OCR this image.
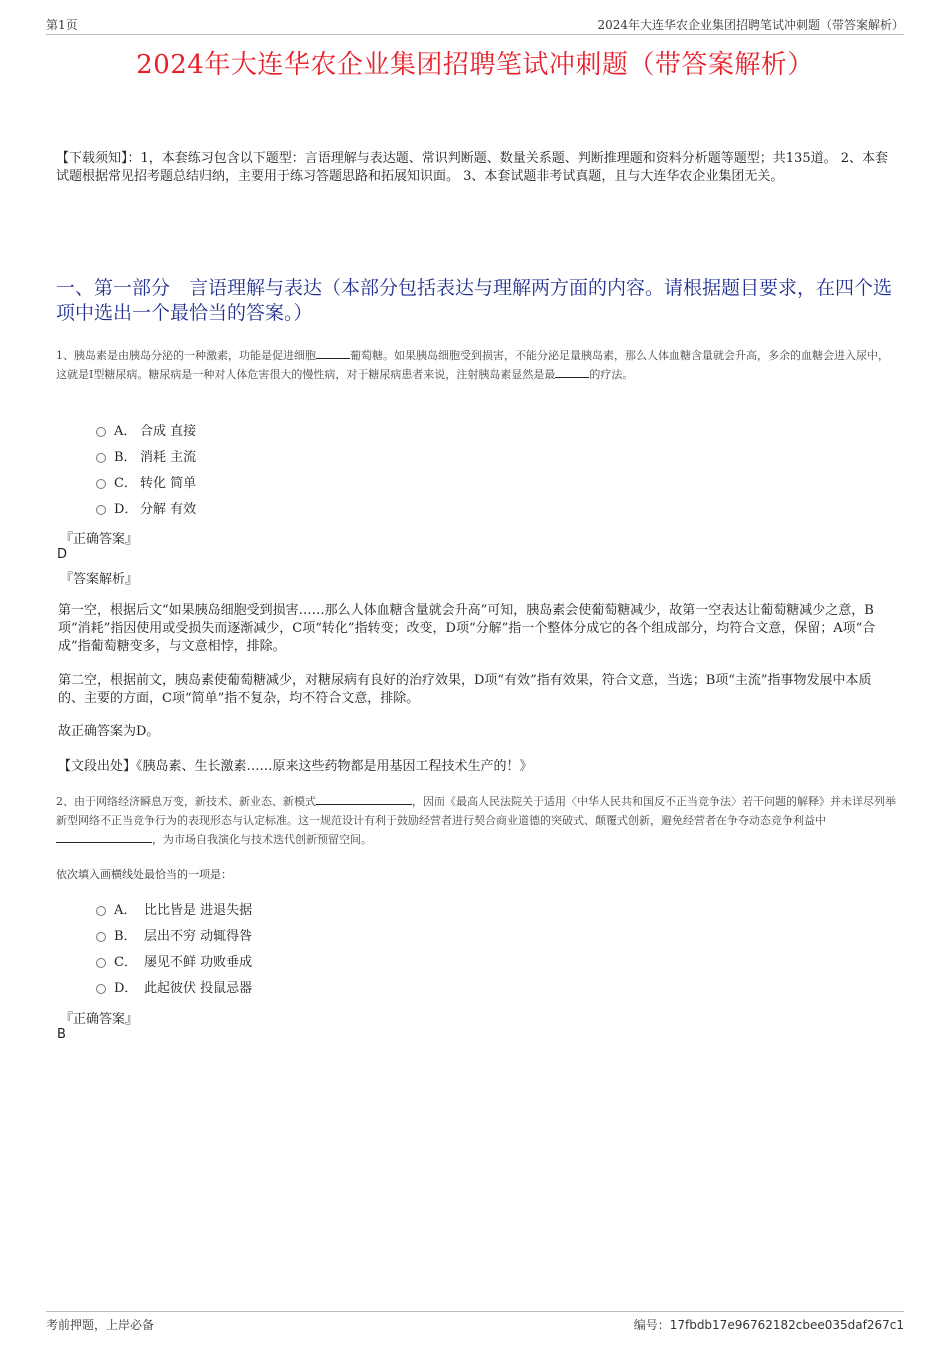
第1页	2024年大连华农企业集团招聘笔试冲刺题（带答案解析）
2024年大连华农企业集团招聘笔试冲刺题（带答案解析）
【下载须知】：1，本套练习包含以下题型：言语理解与表达题、常识判断题、数量关系题、判断推理题和资料分析题等题型；共135道。 2、本套试题根据常见招考题总结归纳，主要用于练习答题思路和拓展知识面。 3、本套试题非考试真题，且与大连华农企业集团无关。
一、第一部分　言语理解与表达（本部分包括表达与理解两方面的内容。请根据题目要求，在四个选项中选出一个最恰当的答案。）
1、胰岛素是由胰岛分泌的一种激素，功能是促进细胞	葡萄糖。如果胰岛细胞受到损害，不能分泌足量胰岛素，那么人体血糖含量就会升高，多余的血糖会进入尿中，这就是I型糖尿病。糖尿病是一种对人体危害很大的慢性病，对于糖尿病患者来说，注射胰岛素显然是最	的疗法。
A． 合成 直接
B． 消耗 主流
C． 转化 简单
D． 分解 有效
『正确答案』
D
『答案解析』
第一空，根据后文“如果胰岛细胞受到损害……那么人体血糖含量就会升高”可知，胰岛素会使葡萄糖减少，故第一空表达让葡萄糖减少之意，B项“消耗”指因使用或受损失而逐渐减少，C项“转化”指转变；改变，D项“分解”指一个整体分成它的各个组成部分，均符合文意，保留；A项“合成”指葡萄糖变多，与文意相悖，排除。
第二空，根据前文，胰岛素使葡萄糖减少，对糖尿病有良好的治疗效果，D项“有效”指有效果，符合文意，当选；B项“主流”指事物发展中本质的、主要的方面，C项“简单”指不复杂，均不符合文意，排除。
故正确答案为D。
【文段出处】《胰岛素、生长激素……原来这些药物都是用基因工程技术生产的！》
2、由于网络经济瞬息万变，新技术、新业态、新模式	，因而《最高人民法院关于适用〈中华人民共和国反不正当竞争法〉若干问题的解释》并未详尽列举新型网络不正当竞争行为的表现形态与认定标准。这一规范设计有利于鼓励经营者进行契合商业道德的突破式、颠覆式创新，避免经营者在争夺动态竞争利益中，为市场自我演化与技术迭代创新预留空间。
依次填入画横线处最恰当的一项是：
A． 比比皆是 进退失据
B． 层出不穷 动辄得咎
C． 屡见不鲜 功败垂成
D． 此起彼伏 投鼠忌器
『正确答案』
B
考前押题，上岸必备	编号：17fbdb17e96762182cbee035daf267c1
